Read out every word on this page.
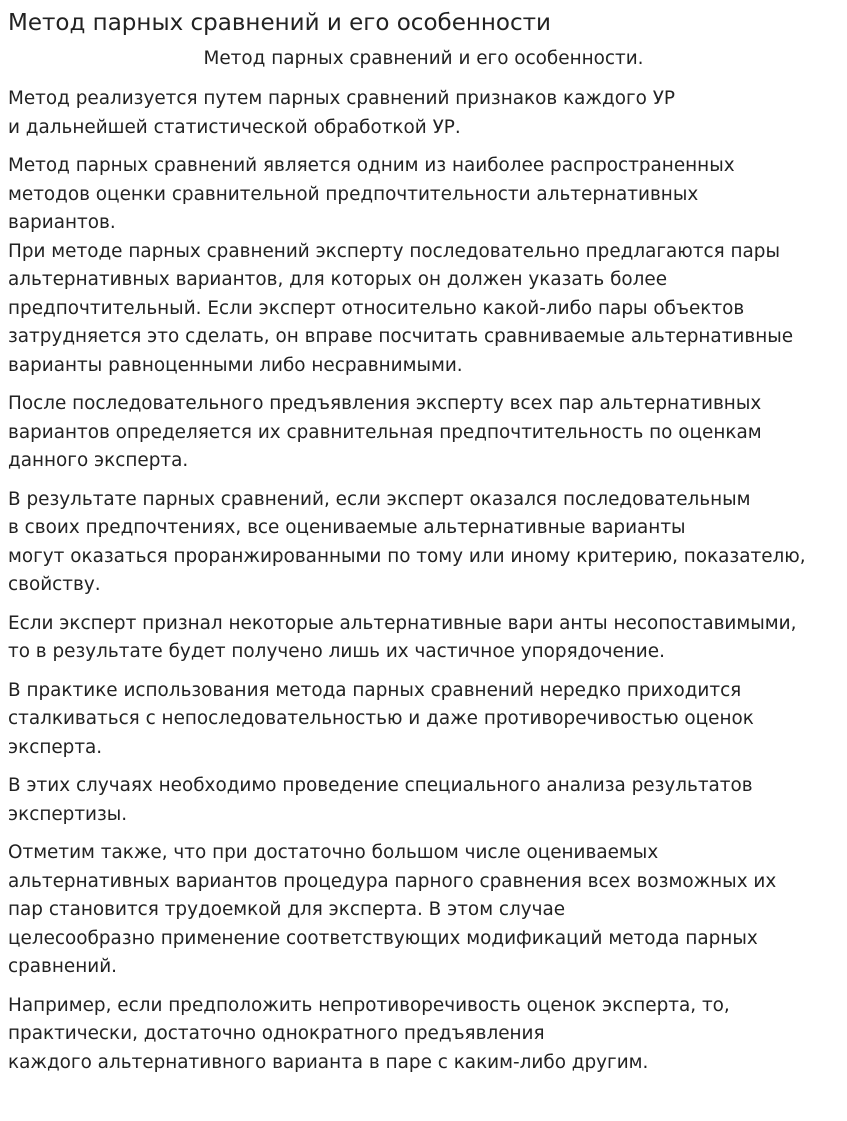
Метод парных сравнений и его особенности
Метод парных сравнений и его особенности.

Метод реализуется путем парных сравнений признаков каждого УР
и дальнейшей статистической обработкой УР.

Метод парных сравнений является одним из наиболее распространенных
методов оценки сравнительной предпочтительности альтернативных
вариантов.

При методе парных сравнений эксперту последовательно предлагаются пары
альтернативных вариантов, для которых он должен указать более
предпочтительный. Если эксперт относительно какой-либо пары объектов
затрудняется это сделать, он вправе посчитать сравниваемые альтернативные
варианты равноценными либо несравнимыми.

После последовательного предъявления эксперту всех пар альтернативных
вариантов определяется их сравнительная предпочтительность по оценкам
данного эксперта.

В результате парных сравнений, если эксперт оказался последовательным
в своих предпочтениях, все оцениваемые альтернативные варианты
могут оказаться проранжированными по тому или иному критерию, показателю,
свойству.

Если эксперт признал некоторые альтернативные вари анты несопоставимыми,
то в результате будет получено лишь их частичное упорядочение.

В практике использования метода парных сравнений нередко приходится
сталкиваться с непоследовательностью и даже противоречивостью оценок
эксперта.

В этих случаях необходимо проведение специального анализа результатов
экспертизы.

Отметим также, что при достаточно большом числе оцениваемых
альтернативных вариантов процедура парного сравнения всех возможных их
пар становится трудоемкой для эксперта. В этом случае
целесообразно применение соответствующих модификаций метода парных
сравнений.

Например, если предположить непротиворечивость оценок эксперта, то,
практически, достаточно однократного предъявления
каждого альтернативного варианта в паре с каким-либо другим.
